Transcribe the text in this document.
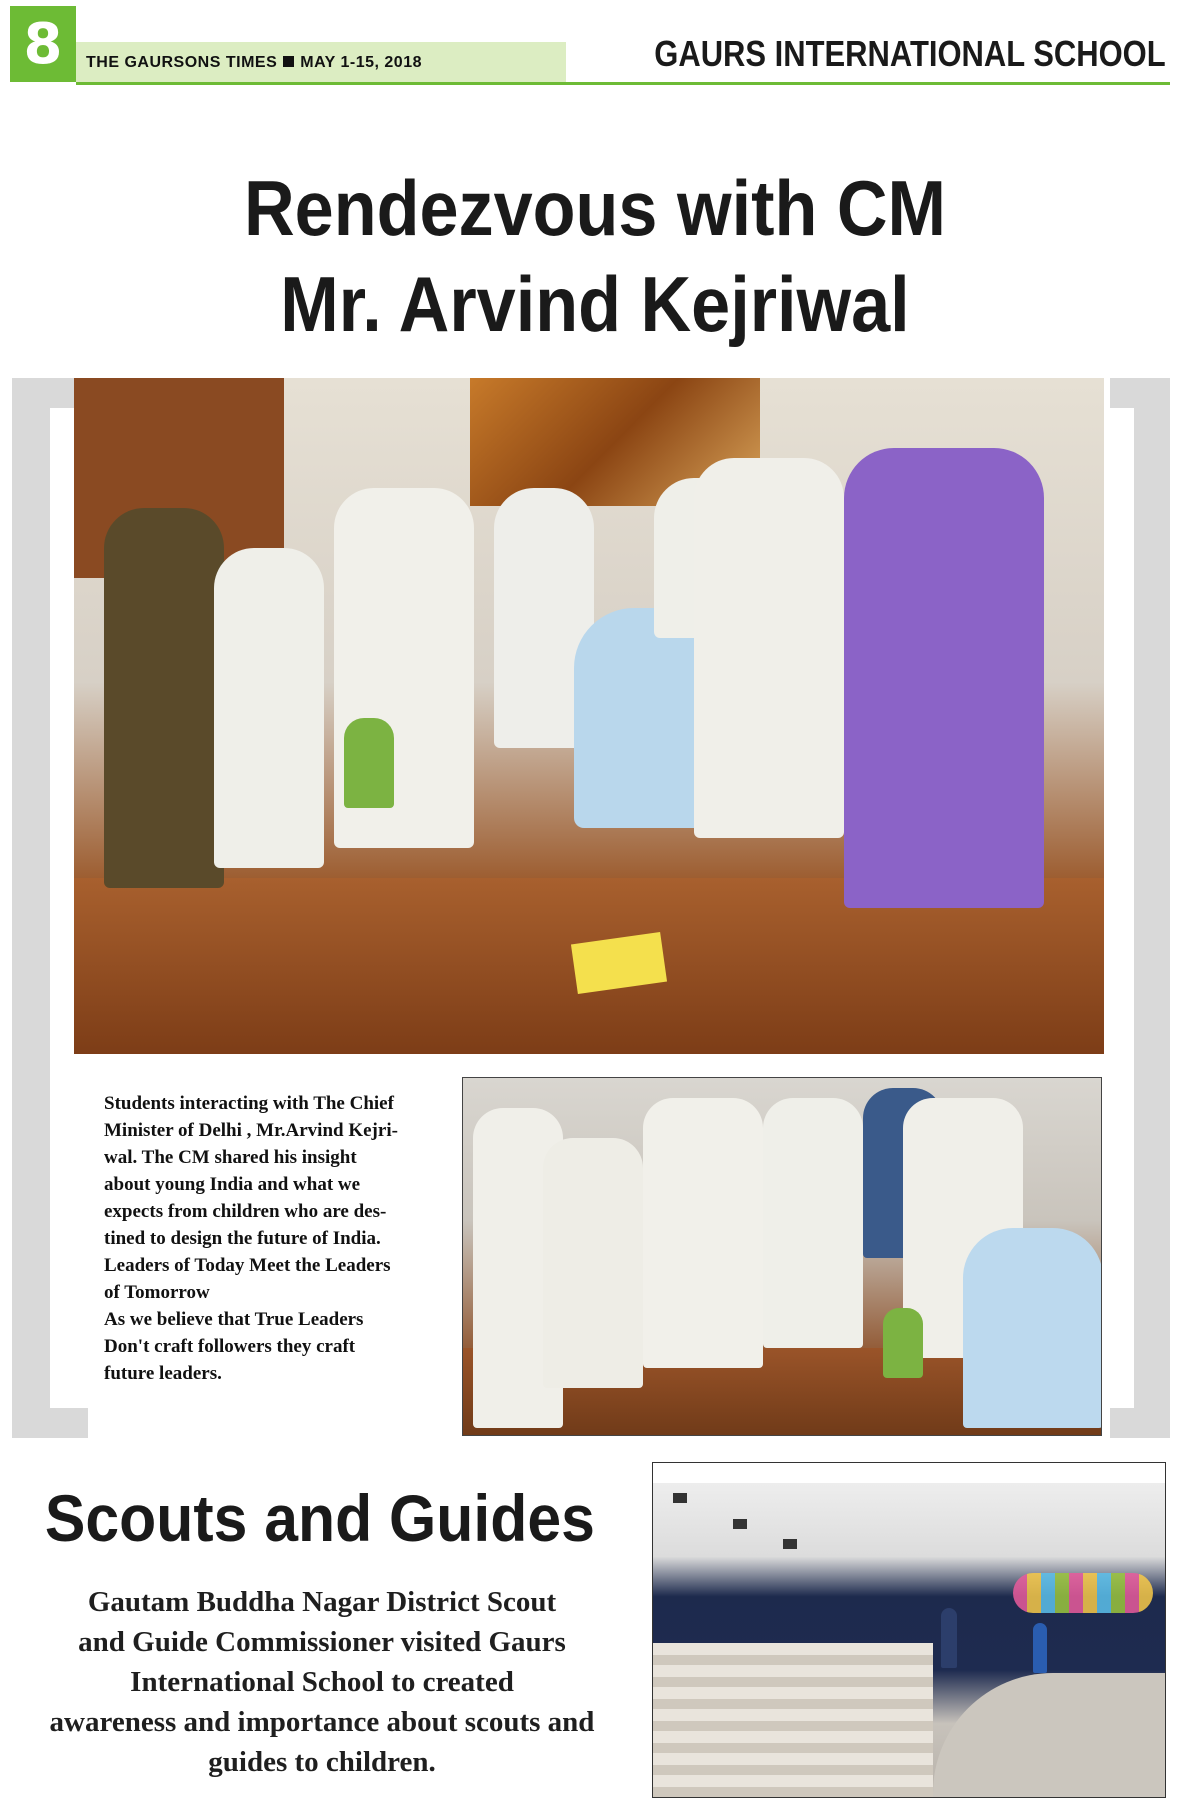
8	THE GAURSONS TIMES MAY 1-15, 2018	GAURS INTERNATIONAL SCHOOL
Rendezvous with CM
Mr. Arvind Kejriwal

Students interacting with The Chief

Minister of Delhi , Mr.Arvind Kejri-

wal. The CM shared his insight

about young India and what we

expects from children who are des-

tined to design the future of India.

Leaders of Today Meet the Leaders

of Tomorrow

As we believe that True Leaders

Don't craft followers they craft

future leaders.

Scouts and Guides
Gautam Buddha Nagar District Scout
and Guide Commissioner visited Gaurs
International School to created
awareness and importance about scouts and
guides to children.
